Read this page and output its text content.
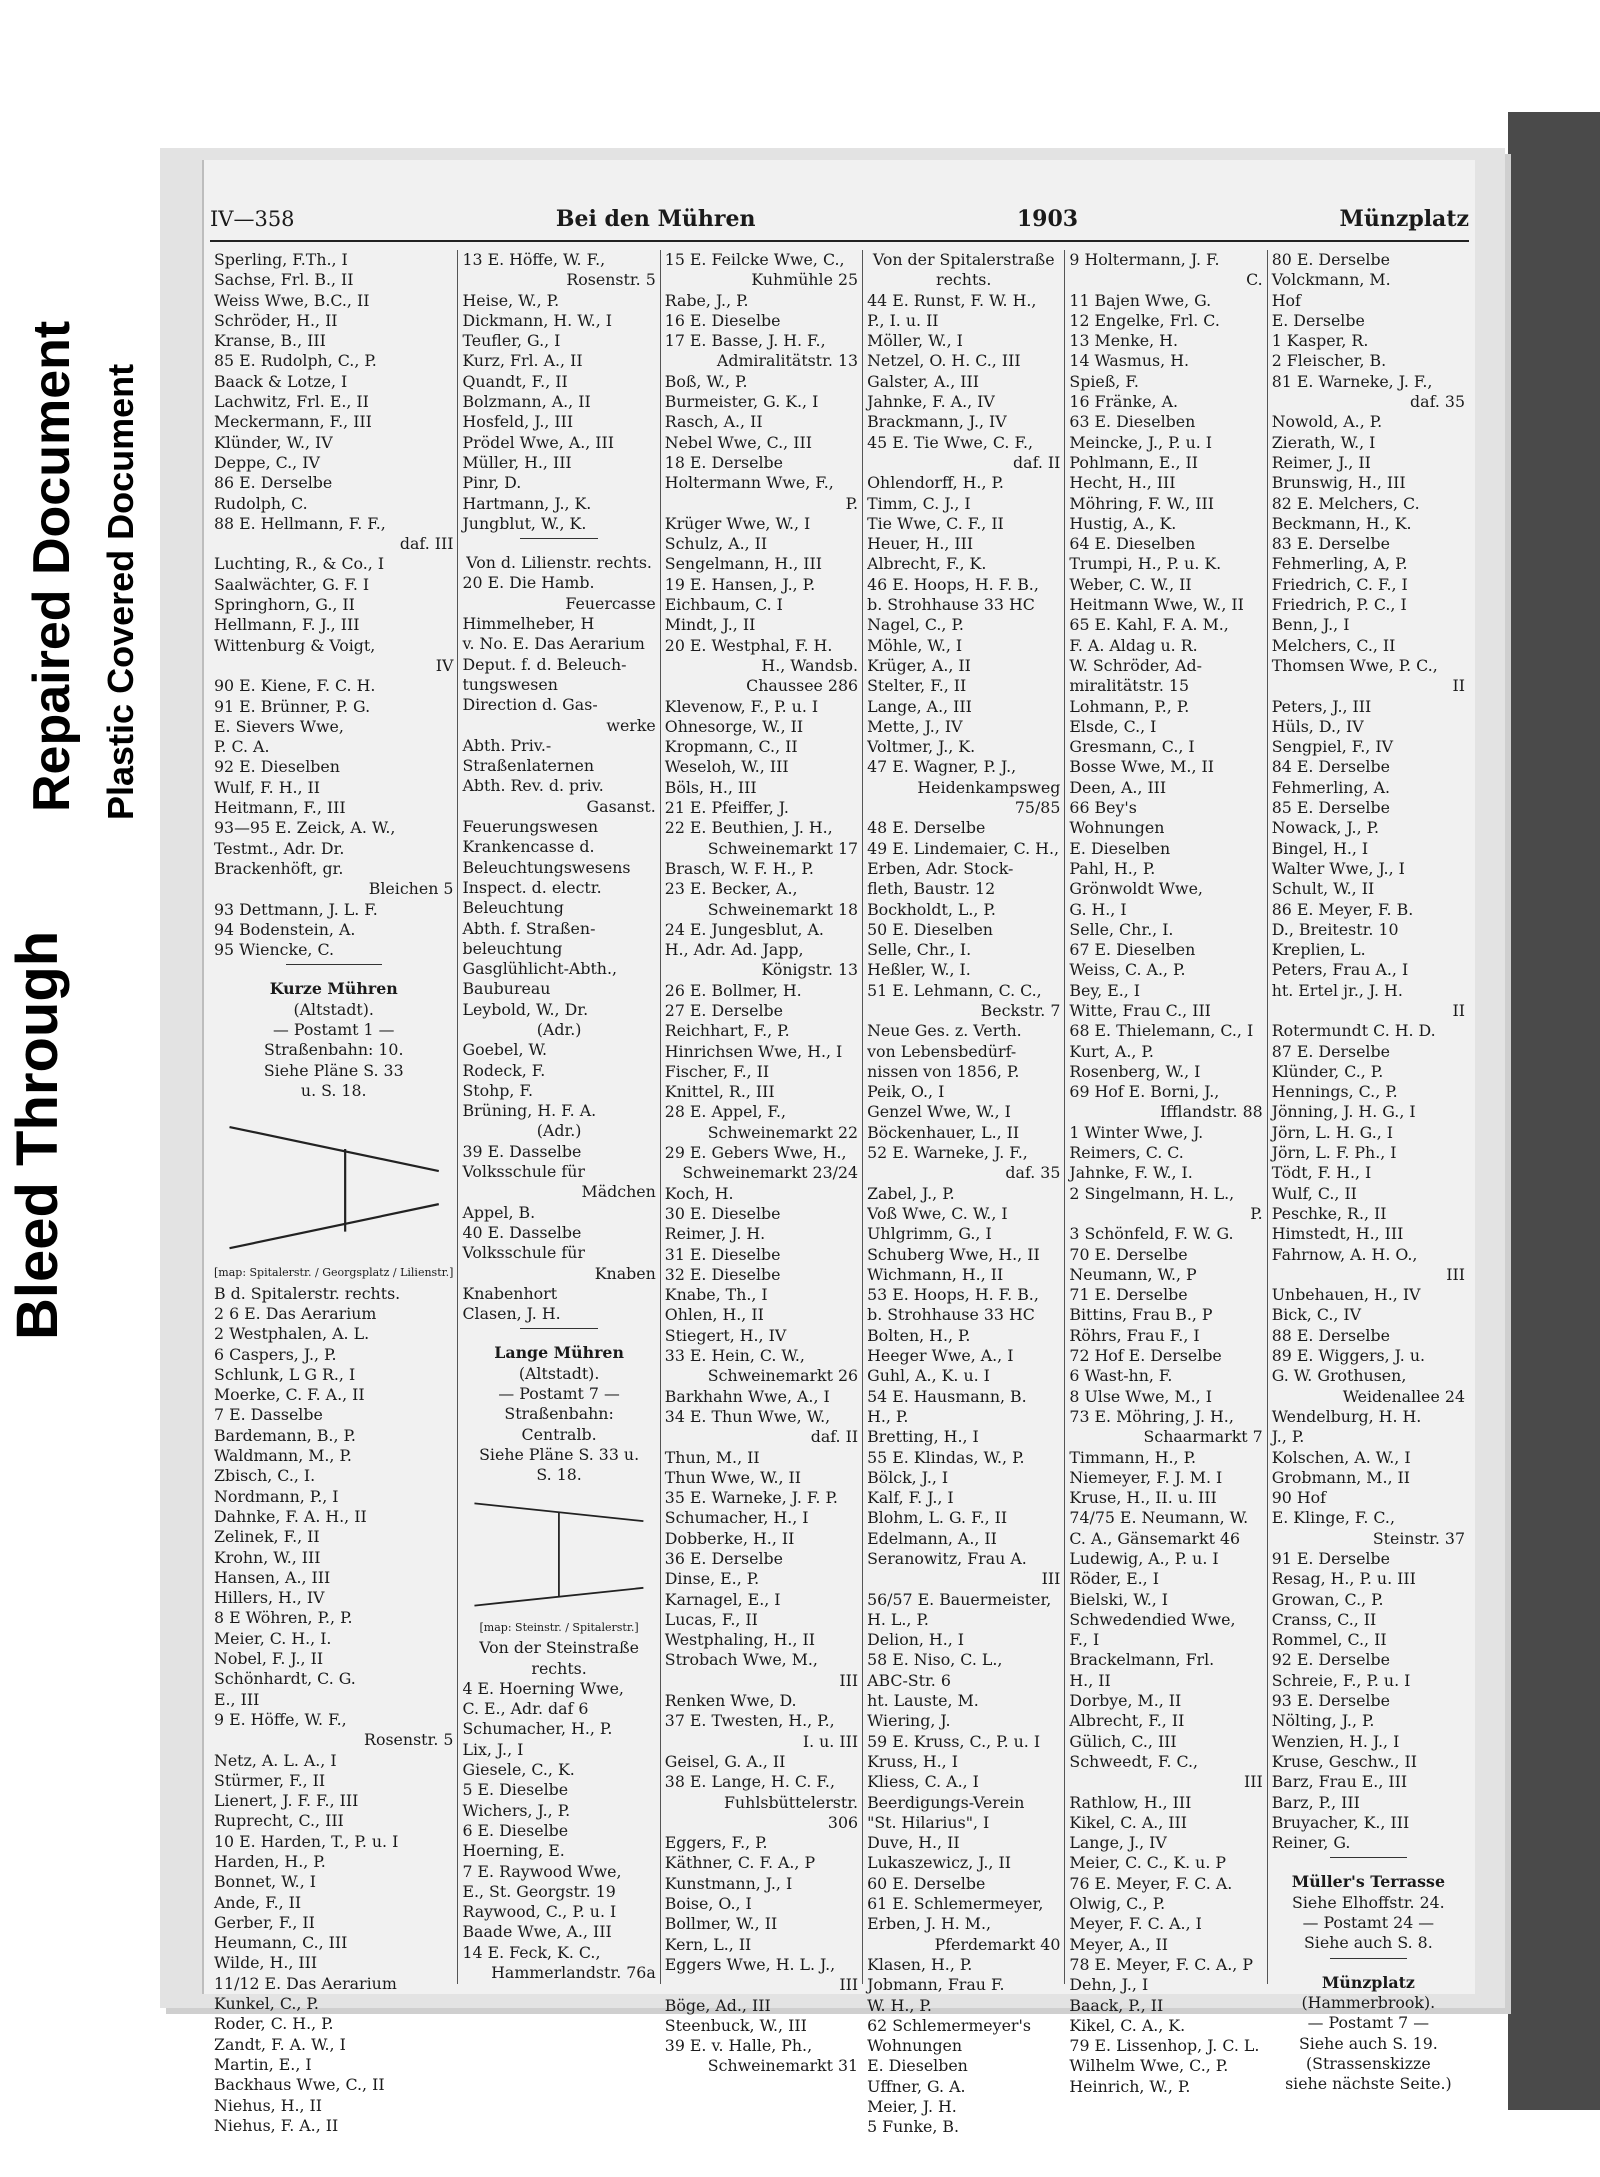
Bleed Through
Repaired Document Plastic Covered Document
IV—358	Bei den Mühren	1903	Münzplatz
Sperling, F.Th., I
Sachse, Frl. B., II
Weiss Wwe, B.C., II
Schröder, H., II
Kranse, B., III
85 E. Rudolph, C., P.
Baack & Lotze, I
Lachwitz, Frl. E., II
Meckermann, F., III
Klünder, W., IV
Deppe, C., IV
86 E. Derselbe
Rudolph, C.
88 E. Hellmann, F. F.,
daf. III
Luchting, R., & Co., I
Saalwächter, G. F. I
Springhorn, G., II
Hellmann, F. J., III
Wittenburg & Voigt,
IV
90 E. Kiene, F. C. H.
91 E. Brünner, P. G.
E. Sievers Wwe,
P. C. A.
92 E. Dieselben
Wulf, F. H., II
Heitmann, F., III
93—95 E. Zeick, A. W.,
Testmt., Adr. Dr.
Brackenhöft, gr.
Bleichen 5
93 Dettmann, J. L. F.
94 Bodenstein, A.
95 Wiencke, C.
Kurze Mühren
(Altstadt).
— Postamt 1 —
Straßenbahn: 10.
Siehe Pläne S. 33
u. S. 18.
[map: Spitalerstr. / Georgsplatz / Lilienstr.]
B d. Spitalerstr. rechts.
2 6 E. Das Aerarium
2 Westphalen, A. L.
6 Caspers, J., P.
Schlunk, L G R., I
Moerke, C. F. A., II
7 E. Dasselbe
Bardemann, B., P.
Waldmann, M., P.
Zbisch, C., I.
Nordmann, P., I
Dahnke, F. A. H., II
Zelinek, F., II
Krohn, W., III
Hansen, A., III
Hillers, H., IV
8 E Wöhren, P., P.
Meier, C. H., I.
Nobel, F. J., II
Schönhardt, C. G.
E., III
9 E. Höffe, W. F.,
Rosenstr. 5
Netz, A. L. A., I
Stürmer, F., II
Lienert, J. F. F., III
Ruprecht, C., III
10 E. Harden, T., P. u. I
Harden, H., P.
Bonnet, W., I
Ande, F., II
Gerber, F., II
Heumann, C., III
Wilde, H., III
11/12 E. Das Aerarium
Kunkel, C., P.
Roder, C. H., P.
Zandt, F. A. W., I
Martin, E., I
Backhaus Wwe, C., II
Niehus, H., II
Niehus, F. A., II
13 E. Höffe, W. F.,
Rosenstr. 5
Heise, W., P.
Dickmann, H. W., I
Teufler, G., I
Kurz, Frl. A., II
Quandt, F., II
Bolzmann, A., II
Hosfeld, J., III
Prödel Wwe, A., III
Müller, H., III
Pinr, D.
Hartmann, J., K.
Jungblut, W., K.
Von d. Lilienstr. rechts.
20 E. Die Hamb.
Feuercasse
Himmelheber, H
v. No. E. Das Aerarium
Deput. f. d. Beleuch-
tungswesen
Direction d. Gas-
werke
Abth. Priv.-
Straßenlaternen
Abth. Rev. d. priv.
Gasanst.
Feuerungswesen
Krankencasse d.
Beleuchtungswesens
Inspect. d. electr.
Beleuchtung
Abth. f. Straßen-
beleuchtung
Gasglühlicht-Abth.,
Baubureau
Leybold, W., Dr.
(Adr.)
Goebel, W.
Rodeck, F.
Stohp, F.
Brüning, H. F. A.
(Adr.)
39 E. Dasselbe
Volksschule für
Mädchen
Appel, B.
40 E. Dasselbe
Volksschule für
Knaben
Knabenhort
Clasen, J. H.
Lange Mühren
(Altstadt).
— Postamt 7 —
Straßenbahn:
Centralb.
Siehe Pläne S. 33 u.
S. 18.
[map: Steinstr. / Spitalerstr.]
Von der Steinstraße
rechts.
4 E. Hoerning Wwe,
C. E., Adr. daf 6
Schumacher, H., P.
Lix, J., I
Giesele, C., K.
5 E. Dieselbe
Wichers, J., P.
6 E. Dieselbe
Hoerning, E.
7 E. Raywood Wwe,
E., St. Georgstr. 19
Raywood, C., P. u. I
Baade Wwe, A., III
14 E. Feck, K. C.,
Hammerlandstr. 76a
15 E. Feilcke Wwe, C.,
Kuhmühle 25
Rabe, J., P.
16 E. Dieselbe
17 E. Basse, J. H. F.,
Admiralitätstr. 13
Boß, W., P.
Burmeister, G. K., I
Rasch, A., II
Nebel Wwe, C., III
18 E. Derselbe
Holtermann Wwe, F.,
P.
Krüger Wwe, W., I
Schulz, A., II
Sengelmann, H., III
19 E. Hansen, J., P.
Eichbaum, C. I
Mindt, J., II
20 E. Westphal, F. H.
H., Wandsb.
Chaussee 286
Klevenow, F., P. u. I
Ohnesorge, W., II
Kropmann, C., II
Weseloh, W., III
Böls, H., III
21 E. Pfeiffer, J.
22 E. Beuthien, J. H.,
Schweinemarkt 17
Brasch, W. F. H., P.
23 E. Becker, A.,
Schweinemarkt 18
24 E. Jungesblut, A.
H., Adr. Ad. Japp,
Königstr. 13
26 E. Bollmer, H.
27 E. Derselbe
Reichhart, F., P.
Hinrichsen Wwe, H., I
Fischer, F., II
Knittel, R., III
28 E. Appel, F.,
Schweinemarkt 22
29 E. Gebers Wwe, H.,
Schweinemarkt 23/24
Koch, H.
30 E. Dieselbe
Reimer, J. H.
31 E. Dieselbe
32 E. Dieselbe
Knabe, Th., I
Ohlen, H., II
Stiegert, H., IV
33 E. Hein, C. W.,
Schweinemarkt 26
Barkhahn Wwe, A., I
34 E. Thun Wwe, W.,
daf. II
Thun, M., II
Thun Wwe, W., II
35 E. Warneke, J. F. P.
Schumacher, H., I
Dobberke, H., II
36 E. Derselbe
Dinse, E., P.
Karnagel, E., I
Lucas, F., II
Westphaling, H., II
Strobach Wwe, M.,
III
Renken Wwe, D.
37 E. Twesten, H., P.,
I. u. III
Geisel, G. A., II
38 E. Lange, H. C. F.,
Fuhlsbüttelerstr.
306
Eggers, F., P.
Käthner, C. F. A., P
Kunstmann, J., I
Boise, O., I
Bollmer, W., II
Kern, L., II
Eggers Wwe, H. L. J.,
III
Böge, Ad., III
Steenbuck, W., III
39 E. v. Halle, Ph.,
Schweinemarkt 31
Von der Spitalerstraße
rechts.
44 E. Runst, F. W. H.,
P., I. u. II
Möller, W., I
Netzel, O. H. C., III
Galster, A., III
Jahnke, F. A., IV
Brackmann, J., IV
45 E. Tie Wwe, C. F.,
daf. II
Ohlendorff, H., P.
Timm, C. J., I
Tie Wwe, C. F., II
Heuer, H., III
Albrecht, F., K.
46 E. Hoops, H. F. B.,
b. Strohhause 33 HC
Nagel, C., P.
Möhle, W., I
Krüger, A., II
Stelter, F., II
Lange, A., III
Mette, J., IV
Voltmer, J., K.
47 E. Wagner, P. J.,
Heidenkampsweg
75/85
48 E. Derselbe
49 E. Lindemaier, C. H.,
Erben, Adr. Stock-
fleth, Baustr. 12
Bockholdt, L., P.
50 E. Dieselben
Selle, Chr., I.
Heßler, W., I.
51 E. Lehmann, C. C.,
Beckstr. 7
Neue Ges. z. Verth.
von Lebensbedürf-
nissen von 1856, P.
Peik, O., I
Genzel Wwe, W., I
Böckenhauer, L., II
52 E. Warneke, J. F.,
daf. 35
Zabel, J., P.
Voß Wwe, C. W., I
Uhlgrimm, G., I
Schuberg Wwe, H., II
Wichmann, H., II
53 E. Hoops, H. F. B.,
b. Strohhause 33 HC
Bolten, H., P.
Heeger Wwe, A., I
Guhl, A., K. u. I
54 E. Hausmann, B.
H., P.
Bretting, H., I
55 E. Klindas, W., P.
Bölck, J., I
Kalf, F. J., I
Blohm, L. G. F., II
Edelmann, A., II
Seranowitz, Frau A.
III
56/57 E. Bauermeister,
H. L., P.
Delion, H., I
58 E. Niso, C. L.,
ABC-Str. 6
ht. Lauste, M.
Wiering, J.
59 E. Kruss, C., P. u. I
Kruss, H., I
Kliess, C. A., I
Beerdigungs-Verein
"St. Hilarius", I
Duve, H., II
Lukaszewicz, J., II
60 E. Derselbe
61 E. Schlemermeyer,
Erben, J. H. M.,
Pferdemarkt 40
Klasen, H., P.
Jobmann, Frau F.
W. H., P.
62 Schlemermeyer's
Wohnungen
E. Dieselben
Uffner, G. A.
Meier, J. H.
5 Funke, B.
9 Holtermann, J. F.
C.
11 Bajen Wwe, G.
12 Engelke, Frl. C.
13 Menke, H.
14 Wasmus, H.
Spieß, F.
16 Fränke, A.
63 E. Dieselben
Meincke, J., P. u. I
Pohlmann, E., II
Hecht, H., III
Möhring, F. W., III
Hustig, A., K.
64 E. Dieselben
Trumpi, H., P. u. K.
Weber, C. W., II
Heitmann Wwe, W., II
65 E. Kahl, F. A. M.,
F. A. Aldag u. R.
W. Schröder, Ad-
miralitätstr. 15
Lohmann, P., P.
Elsde, C., I
Gresmann, C., I
Bosse Wwe, M., II
Deen, A., III
66 Bey's
Wohnungen
E. Dieselben
Pahl, H., P.
Grönwoldt Wwe,
G. H., I
Selle, Chr., I.
67 E. Dieselben
Weiss, C. A., P.
Bey, E., I
Witte, Frau C., III
68 E. Thielemann, C., I
Kurt, A., P.
Rosenberg, W., I
69 Hof E. Borni, J.,
Ifflandstr. 88
1 Winter Wwe, J.
Reimers, C. C.
Jahnke, F. W., I.
2 Singelmann, H. L.,
P.
3 Schönfeld, F. W. G.
70 E. Derselbe
Neumann, W., P
71 E. Derselbe
Bittins, Frau B., P
Röhrs, Frau F., I
72 Hof E. Derselbe
6 Wast-hn, F.
8 Ulse Wwe, M., I
73 E. Möhring, J. H.,
Schaarmarkt 7
Timmann, H., P.
Niemeyer, F. J. M. I
Kruse, H., II. u. III
74/75 E. Neumann, W.
C. A., Gänsemarkt 46
Ludewig, A., P. u. I
Röder, E., I
Bielski, W., I
Schwedendied Wwe,
F., I
Brackelmann, Frl.
H., II
Dorbye, M., II
Albrecht, F., II
Gülich, C., III
Schweedt, F. C.,
III
Rathlow, H., III
Kikel, C. A., III
Lange, J., IV
Meier, C. C., K. u. P
76 E. Meyer, F. C. A.
Olwig, C., P.
Meyer, F. C. A., I
Meyer, A., II
78 E. Meyer, F. C. A., P
Dehn, J., I
Baack, P., II
Kikel, C. A., K.
79 E. Lissenhop, J. C. L.
Wilhelm Wwe, C., P.
Heinrich, W., P.
80 E. Derselbe
Volckmann, M.
Hof
E. Derselbe
1 Kasper, R.
2 Fleischer, B.
81 E. Warneke, J. F.,
daf. 35
Nowold, A., P.
Zierath, W., I
Reimer, J., II
Brunswig, H., III
82 E. Melchers, C.
Beckmann, H., K.
83 E. Derselbe
Fehmerling, A, P.
Friedrich, C. F., I
Friedrich, P. C., I
Benn, J., I
Melchers, C., II
Thomsen Wwe, P. C.,
II
Peters, J., III
Hüls, D., IV
Sengpiel, F., IV
84 E. Derselbe
Fehmerling, A.
85 E. Derselbe
Nowack, J., P.
Bingel, H., I
Walter Wwe, J., I
Schult, W., II
86 E. Meyer, F. B.
D., Breitestr. 10
Kreplien, L.
Peters, Frau A., I
ht. Ertel jr., J. H.
II
Rotermundt C. H. D.
87 E. Derselbe
Klünder, C., P.
Hennings, C., P.
Jönning, J. H. G., I
Jörn, L. H. G., I
Jörn, L. F. Ph., I
Tödt, F. H., I
Wulf, C., II
Peschke, R., II
Himstedt, H., III
Fahrnow, A. H. O.,
III
Unbehauen, H., IV
Bick, C., IV
88 E. Derselbe
89 E. Wiggers, J. u.
G. W. Grothusen,
Weidenallee 24
Wendelburg, H. H.
J., P.
Kolschen, A. W., I
Grobmann, M., II
90 Hof
E. Klinge, F. C.,
Steinstr. 37
91 E. Derselbe
Resag, H., P. u. III
Growan, C., P.
Cranss, C., II
Rommel, C., II
92 E. Derselbe
Schreie, F., P. u. I
93 E. Derselbe
Nölting, J., P.
Wenzien, H. J., I
Kruse, Geschw., II
Barz, Frau E., III
Barz, P., III
Bruyacher, K., III
Reiner, G.
Müller's Terrasse
Siehe Elhoffstr. 24.
— Postamt 24 —
Siehe auch S. 8.
Münzplatz
(Hammerbrook).
— Postamt 7 —
Siehe auch S. 19.
(Strassenskizze
siehe nächste Seite.)
